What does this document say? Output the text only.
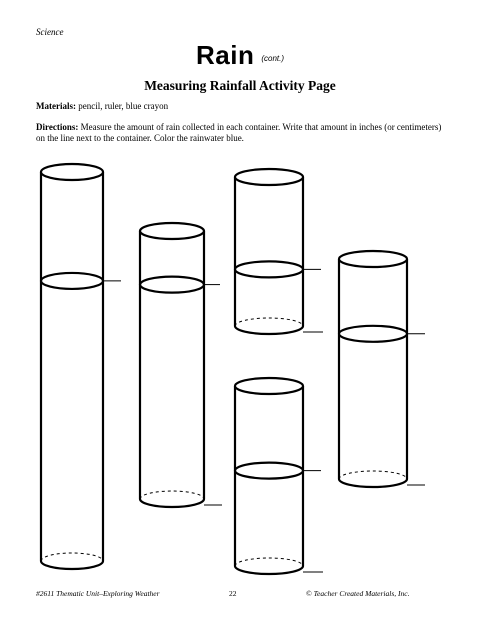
Science
Rain (cont.)
Measuring Rainfall Activity Page
Materials: pencil, ruler, blue crayon
Directions: Measure the amount of rain collected in each container. Write that amount in inches (or centimeters) on the line next to the container. Color the rainwater blue.
#2611 Thematic Unit–Exploring Weather	22	© Teacher Created Materials, Inc.
